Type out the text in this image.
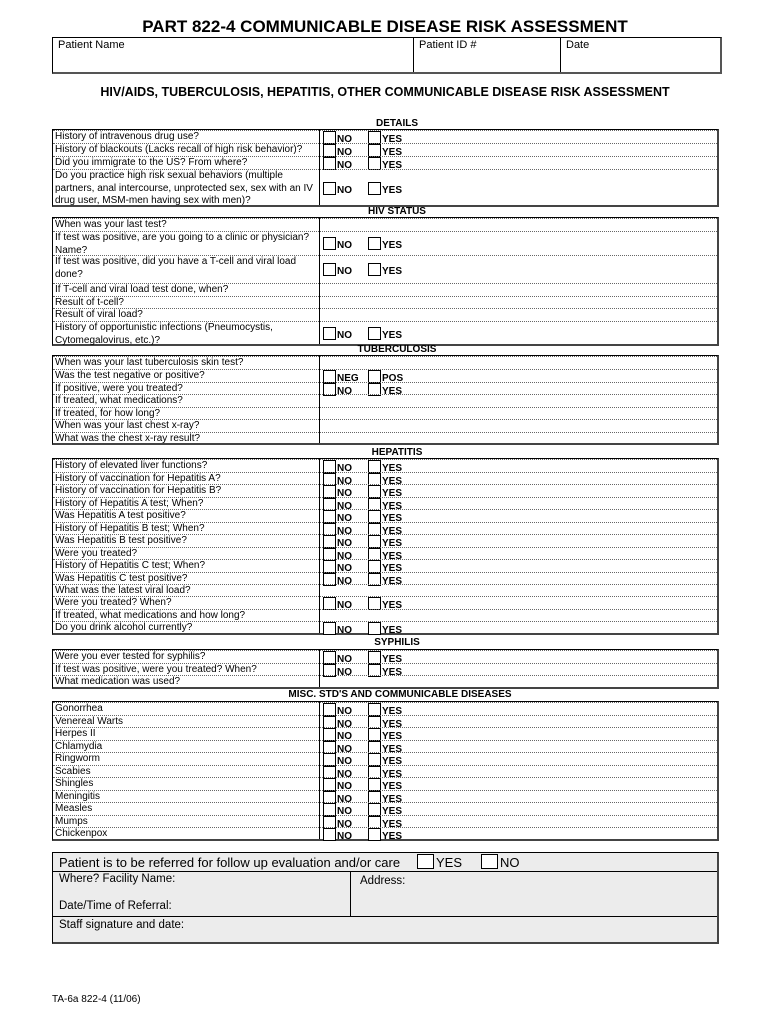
PART 822-4 COMMUNICABLE DISEASE RISK ASSESSMENT
Patient Name	Patient ID #	Date
HIV/AIDS, TUBERCULOSIS, HEPATITIS, OTHER COMMUNICABLE DISEASE RISK ASSESSMENT
DETAILS
History of intravenous drug use?	NO	YES
History of blackouts (Lacks recall of high risk behavior)?	NO	YES
Did you immigrate to the US? From where?	NO	YES
Do you practice high risk sexual behaviors (multiple partners, anal intercourse, unprotected sex, sex with an IV drug user, MSM-men having sex with men)?
NO	YES
HIV STATUS
When was your last test?
If test was positive, are you going to a clinic or physician? Name?	NO	YES
If test was positive, did you have a T-cell and viral load done?	NO	YES
If T-cell and viral load test done, when?
Result of t-cell?
Result of viral load?
History of opportunistic infections (Pneumocystis, Cytomegalovirus, etc.)?	NO	YES
TUBERCULOSIS
When was your last tuberculosis skin test?
Was the test negative or positive?	NEG	POS
If positive, were you treated?	NO	YES
If treated, what medications?
If treated, for how long?
When was your last chest x-ray?
What was the chest x-ray result?
HEPATITIS
History of elevated liver functions?	NO	YES
History of vaccination for Hepatitis A?	NO	YES
History of vaccination for Hepatitis B?	NO	YES
History of Hepatitis A test; When?	NO	YES
Was Hepatitis A test positive?	NO	YES
History of Hepatitis B test; When?	NO	YES
Was Hepatitis B test positive?	NO	YES
Were you treated?	NO	YES
History of Hepatitis C test; When?	NO	YES
Was Hepatitis C test positive?	NO	YES
What was the latest viral load?
Were you treated? When?	NO	YES
If treated, what medications and how long?
Do you drink alcohol currently?	NO	YES
SYPHILIS
Were you ever tested for syphilis?	NO	YES
If test was positive, were you treated? When?	NO	YES
What medication was used?
MISC. STD'S AND COMMUNICABLE DISEASES
Gonorrhea	NO	YES
Venereal Warts	NO	YES
Herpes II	NO	YES
Chlamydia	NO	YES
Ringworm	NO	YES
Scabies	NO	YES
Shingles	NO	YES
Meningitis	NO	YES
Measles	NO	YES
Mumps	NO	YES
Chickenpox	NO	YES
Patient is to be referred for follow up evaluation and/or care	YES	NO
Where? Facility Name:	Address:
Date/Time of Referral:
Staff signature and date:
TA-6a 822-4 (11/06)
